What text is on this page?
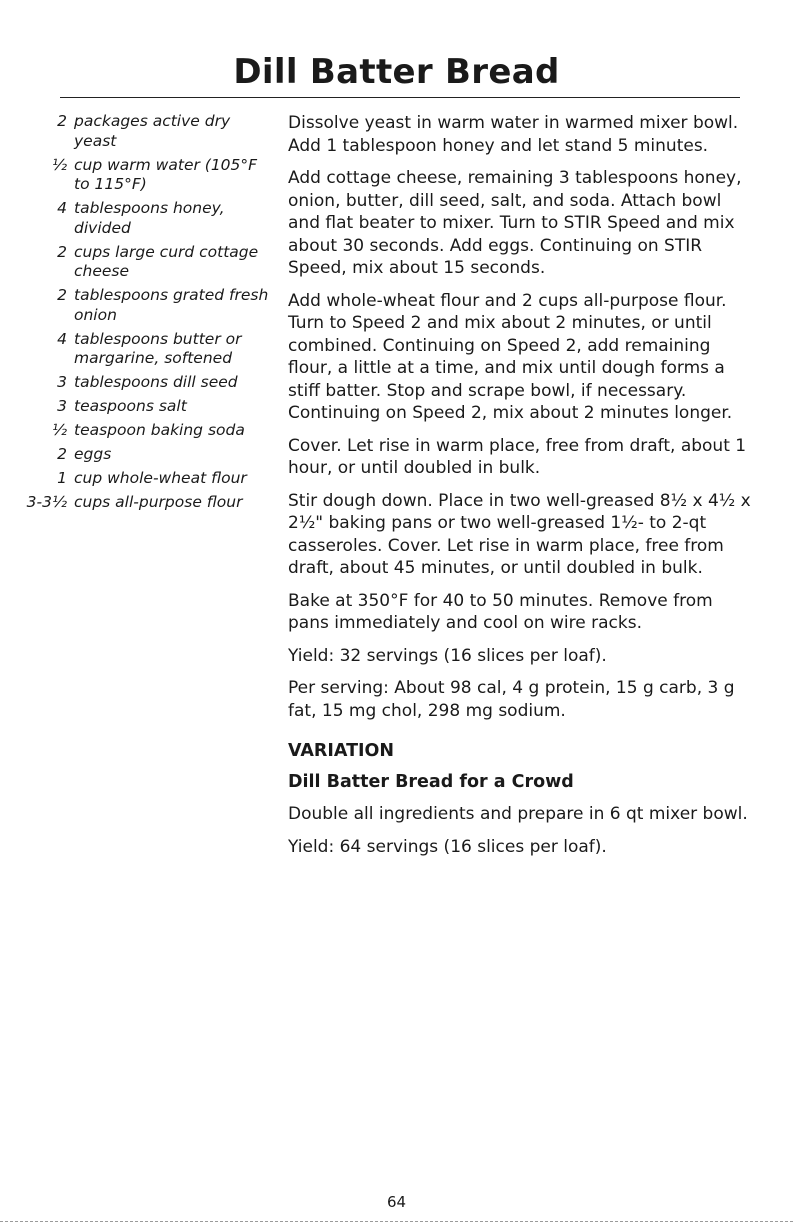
Dill Batter Bread
2 packages active dry yeast
½ cup warm water (105°F to 115°F)
4 tablespoons honey, divided
2 cups large curd cottage cheese
2 tablespoons grated fresh onion
4 tablespoons butter or margarine, softened
3 tablespoons dill seed
3 teaspoons salt
½ teaspoon baking soda
2 eggs
1 cup whole-wheat flour
3-3½ cups all-purpose flour

Dissolve yeast in warm water in warmed mixer bowl. Add 1 tablespoon honey and let stand 5 minutes.

Add cottage cheese, remaining 3 tablespoons honey, onion, butter, dill seed, salt, and soda. Attach bowl and flat beater to mixer. Turn to STIR Speed and mix about 30 seconds. Add eggs. Continuing on STIR Speed, mix about 15 seconds.

Add whole-wheat flour and 2 cups all-purpose flour. Turn to Speed 2 and mix about 2 minutes, or until combined. Continuing on Speed 2, add remaining flour, a little at a time, and mix until dough forms a stiff batter. Stop and scrape bowl, if necessary. Continuing on Speed 2, mix about 2 minutes longer.

Cover. Let rise in warm place, free from draft, about 1 hour, or until doubled in bulk.

Stir dough down. Place in two well-greased 8½ x 4½ x 2½" baking pans or two well-greased 1½- to 2-qt casseroles. Cover. Let rise in warm place, free from draft, about 45 minutes, or until doubled in bulk.

Bake at 350°F for 40 to 50 minutes. Remove from pans immediately and cool on wire racks.

Yield: 32 servings (16 slices per loaf).

Per serving: About 98 cal, 4 g protein, 15 g carb, 3 g fat, 15 mg chol, 298 mg sodium.

VARIATION
Dill Batter Bread for a Crowd

Double all ingredients and prepare in 6 qt mixer bowl.

Yield: 64 servings (16 slices per loaf).

64
